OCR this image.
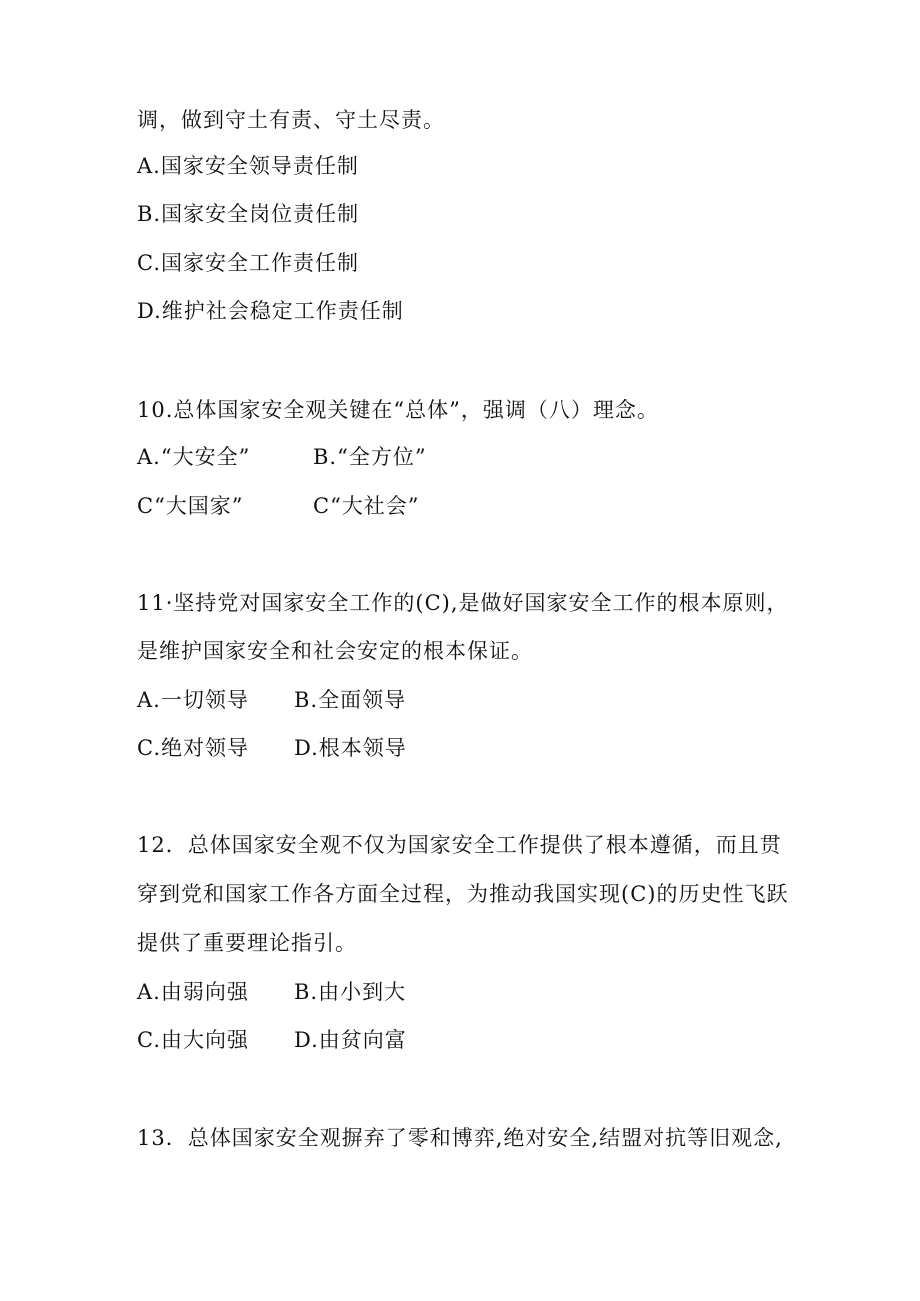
调，做到守土有责、守土尽责。
A.国家安全领导责任制
B.国家安全岗位责任制
C.国家安全工作责任制
D.维护社会稳定工作责任制
10.总体国家安全观关键在“总体”，强调（八）理念。
A.“大安全”	B.“全方位”
C“大国家”	C“大社会”
11·坚持党对国家安全工作的(C),是做好国家安全工作的根本原则，
是维护国家安全和社会安定的根本保证。
A.一切领导 B.全面领导
C.绝对领导 D.根本领导
12．总体国家安全观不仅为国家安全工作提供了根本遵循，而且贯
穿到党和国家工作各方面全过程，为推动我国实现(C)的历史性飞跃
提供了重要理论指引。
A.由弱向强 B.由小到大
C.由大向强 D.由贫向富
13．总体国家安全观摒弃了零和博弈,绝对安全,结盟对抗等旧观念,
